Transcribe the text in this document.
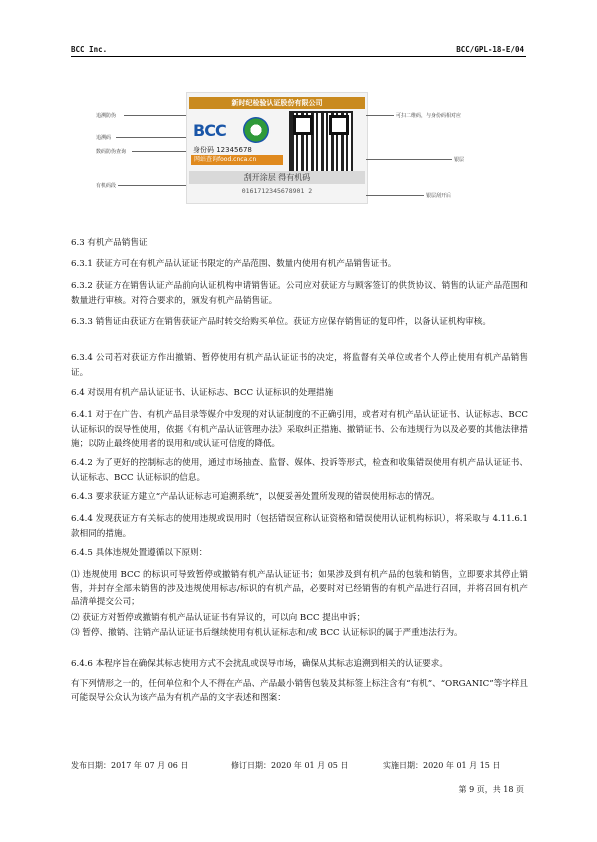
BCC Inc.	BCC/GPL-18-E/04
新时纪检验认证股份有限公司
BCC
身份码 12345678
网站查询food.cnca.cn
刮开涂层 得有机码
0161712345678901 2
追溯防伪
追溯码
数码防伪查询
有机码段
可扫二维码，与身份码相对应
银层
银层刮开后

6.3 有机产品销售证

6.3.1 获证方可在有机产品认证证书限定的产品范围、数量内使用有机产品销售证书。

6.3.2 获证方在销售认证产品前向认证机构申请销售证。公司应对获证方与顾客签订的供货协议、销售的认证产品范围和数量进行审核。对符合要求的，颁发有机产品销售证。

6.3.3 销售证由获证方在销售获证产品时转交给购买单位。获证方应保存销售证的复印件，以备认证机构审核。

6.3.4 公司若对获证方作出撤销、暂停使用有机产品认证证书的决定，将监督有关单位或者个人停止使用有机产品销售证。

6.4 对误用有机产品认证证书、认证标志、BCC 认证标识的处理措施

6.4.1 对于在广告、有机产品目录等媒介中发现的对认证制度的不正确引用，或者对有机产品认证证书、认证标志、BCC 认证标识的误导性使用，依据《有机产品认证管理办法》采取纠正措施、撤销证书、公布违规行为以及必要的其他法律措施；以防止最终使用者的误用和/或认证可信度的降低。

6.4.2 为了更好的控制标志的使用，通过市场抽查、监督、媒体、投诉等形式，检查和收集错误使用有机产品认证证书、认证标志、BCC 认证标识的信息。

6.4.3 要求获证方建立“产品认证标志可追溯系统”，以便妥善处置所发现的错误使用标志的情况。

6.4.4 发现获证方有关标志的使用违规或误用时（包括错误宣称认证资格和错误使用认证机构标识），将采取与 4.11.6.1 款相同的措施。

6.4.5 具体违规处置遵循以下原则：

⑴ 违规使用 BCC 的标识可导致暂停或撤销有机产品认证证书；如果涉及到有机产品的包装和销售，立即要求其停止销售，并封存全部未销售的涉及违规使用标志/标识的有机产品，必要时对已经销售的有机产品进行召回，并将召回有机产品清单提交公司；

⑵ 获证方对暂停或撤销有机产品认证证书有异议的，可以向 BCC 提出申诉；

⑶ 暂停、撤销、注销产品认证证书后继续使用有机认证标志和/或 BCC 认证标识的属于严重违法行为。

6.4.6 本程序旨在确保其标志使用方式不会扰乱或误导市场，确保从其标志追溯到相关的认证要求。

有下列情形之一的，任何单位和个人不得在产品、产品最小销售包装及其标签上标注含有“有机”、“ORGANIC”等字样且可能误导公众认为该产品为有机产品的文字表述和图案：

发布日期：2017 年 07 月 06 日	修订日期：2020 年 01 月 05 日	实施日期：2020 年 01 月 15 日
第 9 页，共 18 页
